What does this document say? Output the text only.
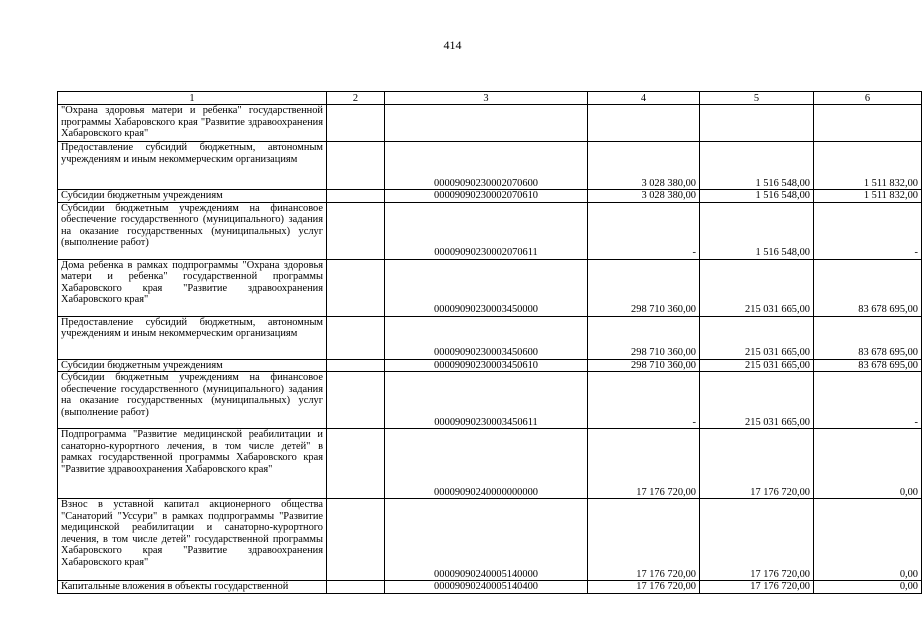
414
1	2	3	4	5	6
"Охрана здоровья матери и ребенка" государственной программы Хабаровского края "Развитие здравоохранения Хабаровского края"					
Предоставление субсидий бюджетным, автономным учреждениям и иным некоммерческим организациям		00009090230002070600	3 028 380,00	1 516 548,00	1 511 832,00
Субсидии бюджетным учреждениям		00009090230002070610	3 028 380,00	1 516 548,00	1 511 832,00
Субсидии бюджетным учреждениям на финансовое обеспечение государственного (муниципального) задания на оказание государственных (муниципальных) услуг (выполнение работ)		00009090230002070611	-	1 516 548,00	-
Дома ребенка в рамках подпрограммы "Охрана здоровья матери и ребенка" государственной программы Хабаровского края "Развитие здравоохранения Хабаровского края"		00009090230003450000	298 710 360,00	215 031 665,00	83 678 695,00
Предоставление субсидий бюджетным, автономным учреждениям и иным некоммерческим организациям		00009090230003450600	298 710 360,00	215 031 665,00	83 678 695,00
Субсидии бюджетным учреждениям		00009090230003450610	298 710 360,00	215 031 665,00	83 678 695,00
Субсидии бюджетным учреждениям на финансовое обеспечение государственного (муниципального) задания на оказание государственных (муниципальных) услуг (выполнение работ)		00009090230003450611	-	215 031 665,00	-
Подпрограмма "Развитие медицинской реабилитации и санаторно-курортного лечения, в том числе детей" в рамках государственной программы Хабаровского края "Развитие здравоохранения Хабаровского края"		00009090240000000000	17 176 720,00	17 176 720,00	0,00
Взнос в уставной капитал акционерного общества "Санаторий "Уссури" в рамках подпрограммы "Развитие медицинской реабилитации и санаторно-курортного лечения, в том числе детей" государственной программы Хабаровского края "Развитие здравоохранения Хабаровского края"		00009090240005140000	17 176 720,00	17 176 720,00	0,00
Капитальные вложения в объекты государственной		00009090240005140400	17 176 720,00	17 176 720,00	0,00
